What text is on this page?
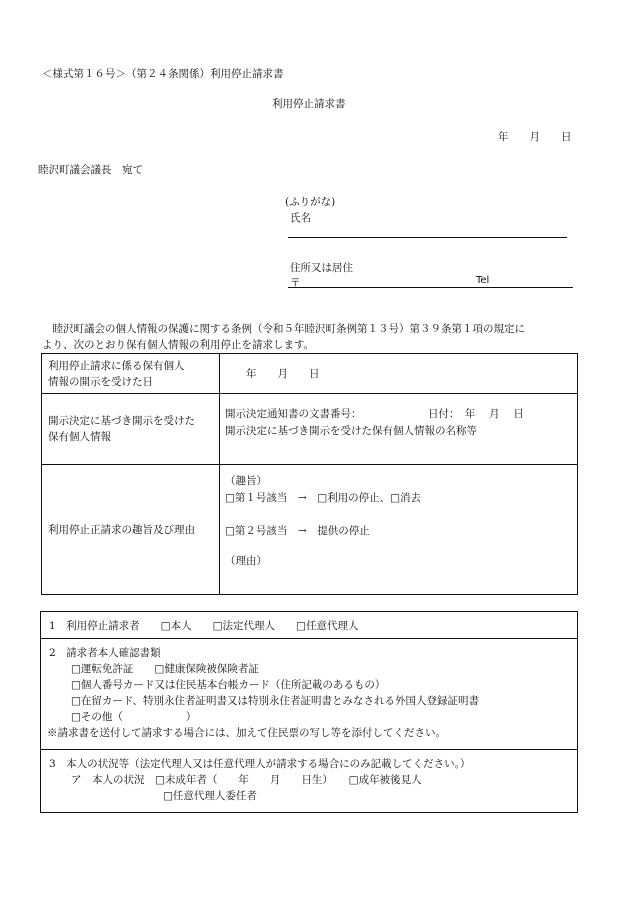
＜様式第１６号＞（第２４条関係）利用停止請求書
利用停止請求書
年　　月　　日
睦沢町議会議長　宛て
(ふりがな)
氏名
住所又は居住
〒	Tel
　睦沢町議会の個人情報の保護に関する条例（令和５年睦沢町条例第１３号）第３９条第１項の規定に
より、次のとおり保有個人情報の利用停止を請求します。
利用停止請求に係る保有個人
情報の開示を受けた日	年　　月　　日

開示決定に基づき開示を受けた
保有個人情報	開示決定通知書の文書番号： 日付：　年　 月　 日
開示決定に基づき開示を受けた保有個人情報の名称等

利用停止正請求の趣旨及び理由	（趣旨）
□第１号該当　→　□利用の停止、□消去
□第２号該当　→　提供の停止
（理由）
1　利用停止請求者　　□本人　　□法定代理人　　□任意代理人
2　請求者本人確認書類
□運転免許証　　□健康保険被保険者証
□個人番号カード又は住民基本台帳カード（住所記載のあるもの）
□在留カード、特別永住者証明書又は特別永住者証明書とみなされる外国人登録証明書
□その他（　　　　　　）
※請求書を送付して請求する場合には、加えて住民票の写し等を添付してください。
3　本人の状況等（法定代理人又は任意代理人が請求する場合にのみ記載してください。）
ア　本人の状況　□未成年者（　　年　　月　　日生）　　□成年被後見人
□任意代理人委任者
